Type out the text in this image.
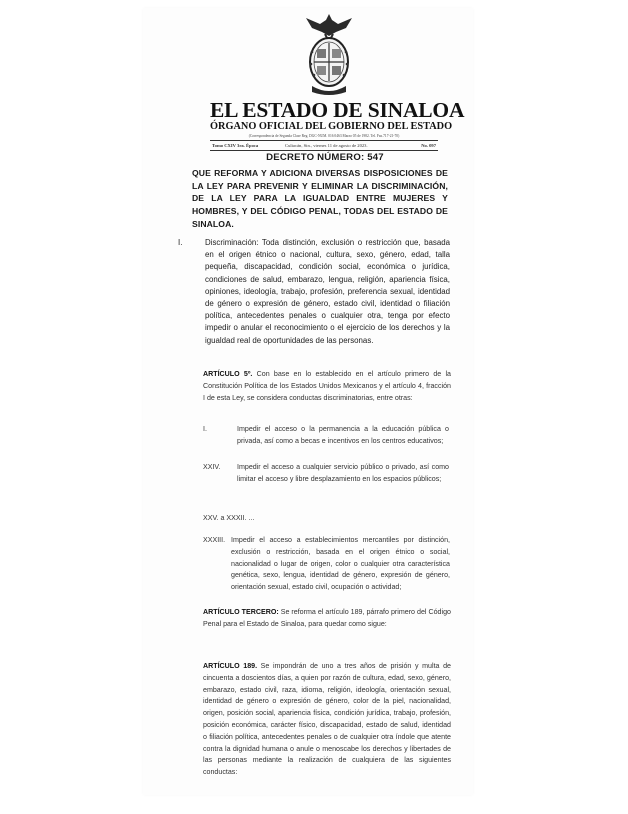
EL ESTADO DE SINALOA
ÓRGANO OFICIAL DEL GOBIERNO DEL ESTADO
(Correspondencia de Segunda Clase Reg. DGC-NUM. 016 0463 Marzo 05 de 1982. Tel. Fax.717-21-70)
Tomo CXIV 3ra. Época	Culiacán, Sin., viernes 11 de agosto de 2023.	No. 097
DECRETO NÚMERO: 547
QUE REFORMA Y ADICIONA DIVERSAS DISPOSICIONES DE LA LEY PARA PREVENIR Y ELIMINAR LA DISCRIMINACIÓN, DE LA LEY PARA LA IGUALDAD ENTRE MUJERES Y HOMBRES, Y DEL CÓDIGO PENAL, TODAS DEL ESTADO DE SINALOA.
I.	Discriminación: Toda distinción, exclusión o restricción que, basada en el origen étnico o nacional, cultura, sexo, género, edad, talla pequeña, discapacidad, condición social, económica o jurídica, condiciones de salud, embarazo, lengua, religión, apariencia física, opiniones, ideología, trabajo, profesión, preferencia sexual, identidad de género o expresión de género, estado civil, identidad o filiación política, antecedentes penales o cualquier otra, tenga por efecto impedir o anular el reconocimiento o el ejercicio de los derechos y la igualdad real de oportunidades de las personas.
ARTÍCULO 5º. Con base en lo establecido en el artículo primero de la Constitución Política de los Estados Unidos Mexicanos y el artículo 4, fracción I de esta Ley, se considera conductas discriminatorias, entre otras:
I.	Impedir el acceso o la permanencia a la educación pública o privada, así como a becas e incentivos en los centros educativos;
XXIV. Impedir el acceso a cualquier servicio público o privado, así como limitar el acceso y libre desplazamiento en los espacios públicos;
XXV. a XXXII. ...
XXXIII. Impedir el acceso a establecimientos mercantiles por distinción, exclusión o restricción, basada en el origen étnico o social, nacionalidad o lugar de origen, color o cualquier otra característica genética, sexo, lengua, identidad de género, expresión de género, orientación sexual, estado civil, ocupación o actividad;
ARTÍCULO TERCERO: Se reforma el artículo 189, párrafo primero del Código Penal para el Estado de Sinaloa, para quedar como sigue:
ARTÍCULO 189. Se impondrán de uno a tres años de prisión y multa de cincuenta a doscientos días, a quien por razón de cultura, edad, sexo, género, embarazo, estado civil, raza, idioma, religión, ideología, orientación sexual, identidad de género o expresión de género, color de la piel, nacionalidad, origen, posición social, apariencia física, condición jurídica, trabajo, profesión, posición económica, carácter físico, discapacidad, estado de salud, identidad o filiación política, antecedentes penales o de cualquier otra índole que atente contra la dignidad humana o anule o menoscabe los derechos y libertades de las personas mediante la realización de cualquiera de las siguientes conductas:
